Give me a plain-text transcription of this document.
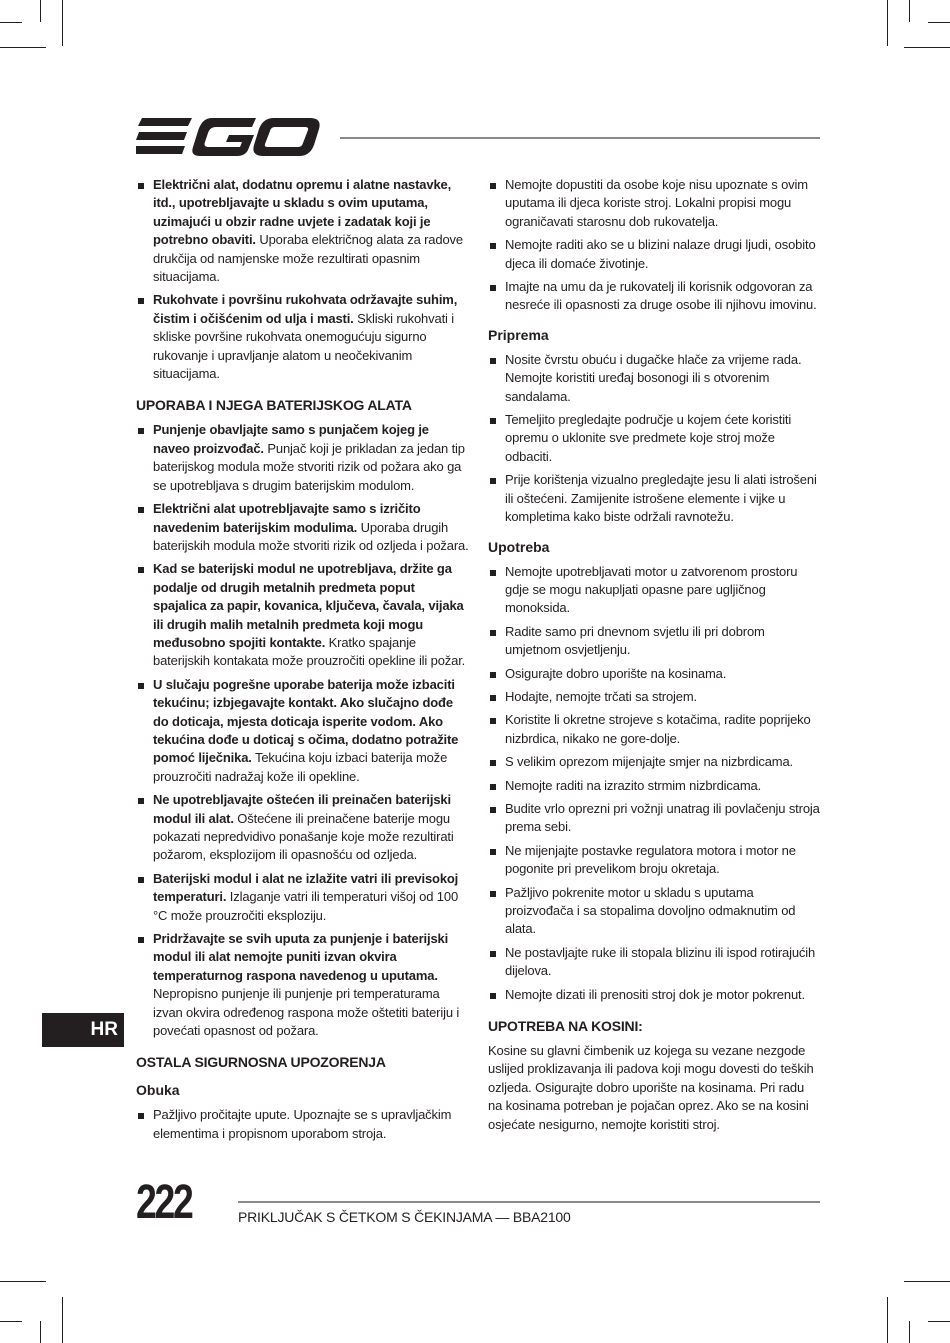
Električni alat, dodatnu opremu i alatne nastavke, itd., upotrebljavajte u skladu s ovim uputama, uzimajući u obzir radne uvjete i zadatak koji je potrebno obaviti. Uporaba električnog alata za radove drukčija od namjenske može rezultirati opasnim situacijama.
Rukohvate i površinu rukohvata održavajte suhim, čistim i očišćenim od ulja i masti. Skliski rukohvati i skliske površine rukohvata onemogućuju sigurno rukovanje i upravljanje alatom u neočekivanim situacijama.
UPORABA I NJEGA BATERIJSKOG ALATA
Punjenje obavljajte samo s punjačem kojeg je naveo proizvođač. Punjač koji je prikladan za jedan tip baterijskog modula može stvoriti rizik od požara ako ga se upotrebljava s drugim baterijskim modulom.
Električni alat upotrebljavajte samo s izričito navedenim baterijskim modulima. Uporaba drugih baterijskih modula može stvoriti rizik od ozljeda i požara.
Kad se baterijski modul ne upotrebljava, držite ga podalje od drugih metalnih predmeta poput spajalica za papir, kovanica, ključeva, čavala, vijaka ili drugih malih metalnih predmeta koji mogu međusobno spojiti kontakte. Kratko spajanje baterijskih kontakata može prouzročiti opekline ili požar.
U slučaju pogrešne uporabe baterija može izbaciti tekućinu; izbjegavajte kontakt. Ako slučajno dođe do doticaja, mjesta doticaja isperite vodom. Ako tekućina dođe u doticaj s očima, dodatno potražite pomoć liječnika. Tekućina koju izbaci baterija može prouzročiti nadražaj kože ili opekline.
Ne upotrebljavajte oštećen ili preinačen baterijski modul ili alat. Oštećene ili preinačene baterije mogu pokazati nepredvidivo ponašanje koje može rezultirati požarom, eksplozijom ili opasnošću od ozljeda.
Baterijski modul i alat ne izlažite vatri ili previsokoj temperaturi. Izlaganje vatri ili temperaturi višoj od 100 °C može prouzročiti eksploziju.
Pridržavajte se svih uputa za punjenje i baterijski modul ili alat nemojte puniti izvan okvira temperaturnog raspona navedenog u uputama. Nepropisno punjenje ili punjenje pri temperaturama izvan okvira određenog raspona može oštetiti bateriju i povećati opasnost od požara.
OSTALA SIGURNOSNA UPOZORENJA
Obuka
Pažljivo pročitajte upute. Upoznajte se s upravljačkim elementima i propisnom uporabom stroja.
Nemojte dopustiti da osobe koje nisu upoznate s ovim uputama ili djeca koriste stroj. Lokalni propisi mogu ograničavati starosnu dob rukovatelja.
Nemojte raditi ako se u blizini nalaze drugi ljudi, osobito djeca ili domaće životinje.
Imajte na umu da je rukovatelj ili korisnik odgovoran za nesreće ili opasnosti za druge osobe ili njihovu imovinu.
Priprema
Nosite čvrstu obuću i dugačke hlače za vrijeme rada. Nemojte koristiti uređaj bosonogi ili s otvorenim sandalama.
Temeljito pregledajte područje u kojem ćete koristiti opremu o uklonite sve predmete koje stroj može odbaciti.
Prije korištenja vizualno pregledajte jesu li alati istrošeni ili oštećeni. Zamijenite istrošene elemente i vijke u kompletima kako biste održali ravnotežu.
Upotreba
Nemojte upotrebljavati motor u zatvorenom prostoru gdje se mogu nakupljati opasne pare ugljičnog monoksida.
Radite samo pri dnevnom svjetlu ili pri dobrom umjetnom osvjetljenju.
Osigurajte dobro uporište na kosinama.
Hodajte, nemojte trčati sa strojem.
Koristite li okretne strojeve s kotačima, radite poprijeko nizbrdica, nikako ne gore-dolje.
S velikim oprezom mijenjajte smjer na nizbrdicama.
Nemojte raditi na izrazito strmim nizbrdicama.
Budite vrlo oprezni pri vožnji unatrag ili povlačenju stroja prema sebi.
Ne mijenjajte postavke regulatora motora i motor ne pogonite pri prevelikom broju okretaja.
Pažljivo pokrenite motor u skladu s uputama proizvođača i sa stopalima dovoljno odmaknutim od alata.
Ne postavljajte ruke ili stopala blizinu ili ispod rotirajućih dijelova.
Nemojte dizati ili prenositi stroj dok je motor pokrenut.
UPOTREBA NA KOSINI:
Kosine su glavni čimbenik uz kojega su vezane nezgode uslijed proklizavanja ili padova koji mogu dovesti do teških ozljeda. Osigurajte dobro uporište na kosinama. Pri radu na kosinama potreban je pojačan oprez. Ako se na kosini osjećate nesigurno, nemojte koristiti stroj.
HR
222	PRIKLJUČAK S ČETKOM S ČEKINJAMA — BBA2100
